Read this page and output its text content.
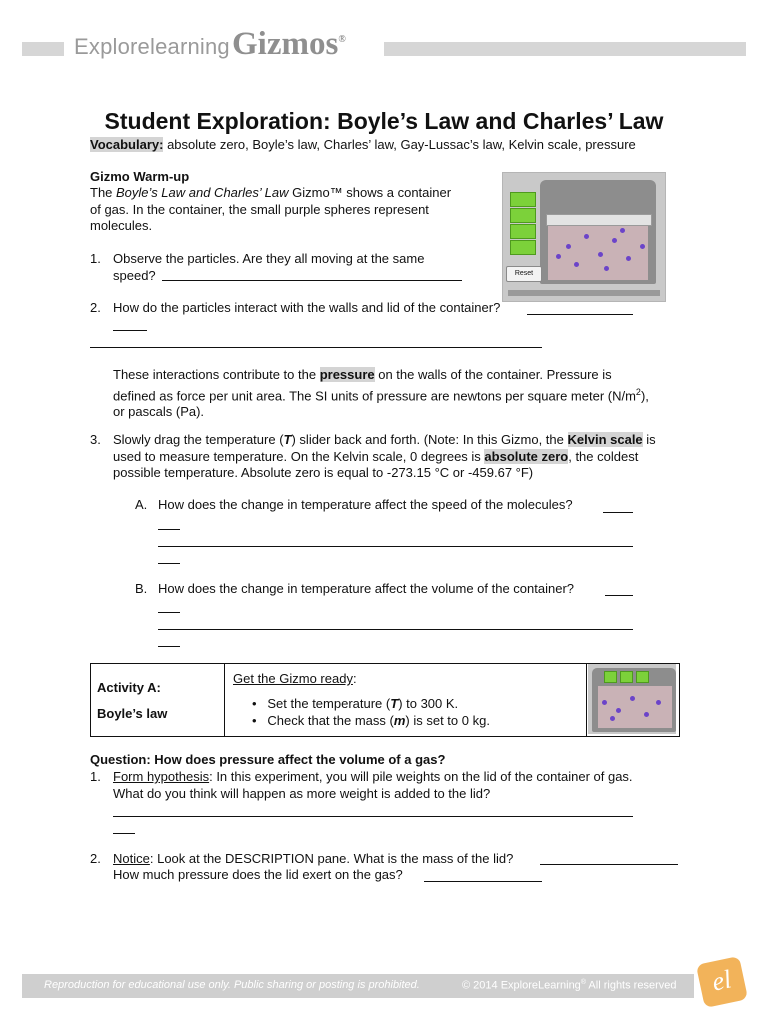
Explorelearning Gizmos®
Student Exploration: Boyle’s Law and Charles’ Law
Vocabulary: absolute zero, Boyle’s law, Charles’ law, Gay-Lussac’s law, Kelvin scale, pressure
Gizmo Warm-up
The Boyle’s Law and Charles’ Law Gizmo™ shows a container of gas. In the container, the small purple spheres represent molecules.
Reset
1. Observe the particles. Are they all moving at the same speed?
2. How do the particles interact with the walls and lid of the container?
These interactions contribute to the pressure on the walls of the container. Pressure is defined as force per unit area. The SI units of pressure are newtons per square meter $(N/m^2)$, or pascals (Pa).
3. Slowly drag the temperature (T) slider back and forth. (Note: In this Gizmo, the Kelvin scale is used to measure temperature. On the Kelvin scale, 0 degrees is absolute zero, the coldest possible temperature. Absolute zero is equal to -273.15 °C or -459.67 °F)
A. How does the change in temperature affect the speed of the molecules?
B. How does the change in temperature affect the volume of the container?
Activity A:
Boyle’s law
Get the Gizmo ready:
•   Set the temperature (T) to 300 K.
•   Check that the mass (m) is set to 0 kg.
Question: How does pressure affect the volume of a gas?
1. Form hypothesis: In this experiment, you will pile weights on the lid of the container of gas. What do you think will happen as more weight is added to the lid?
2. Notice: Look at the DESCRIPTION pane. What is the mass of the lid?
How much pressure does the lid exert on the gas?
Reproduction for educational use only. Public sharing or posting is prohibited.	© 2014 ExploreLearning® All rights reserved	el
